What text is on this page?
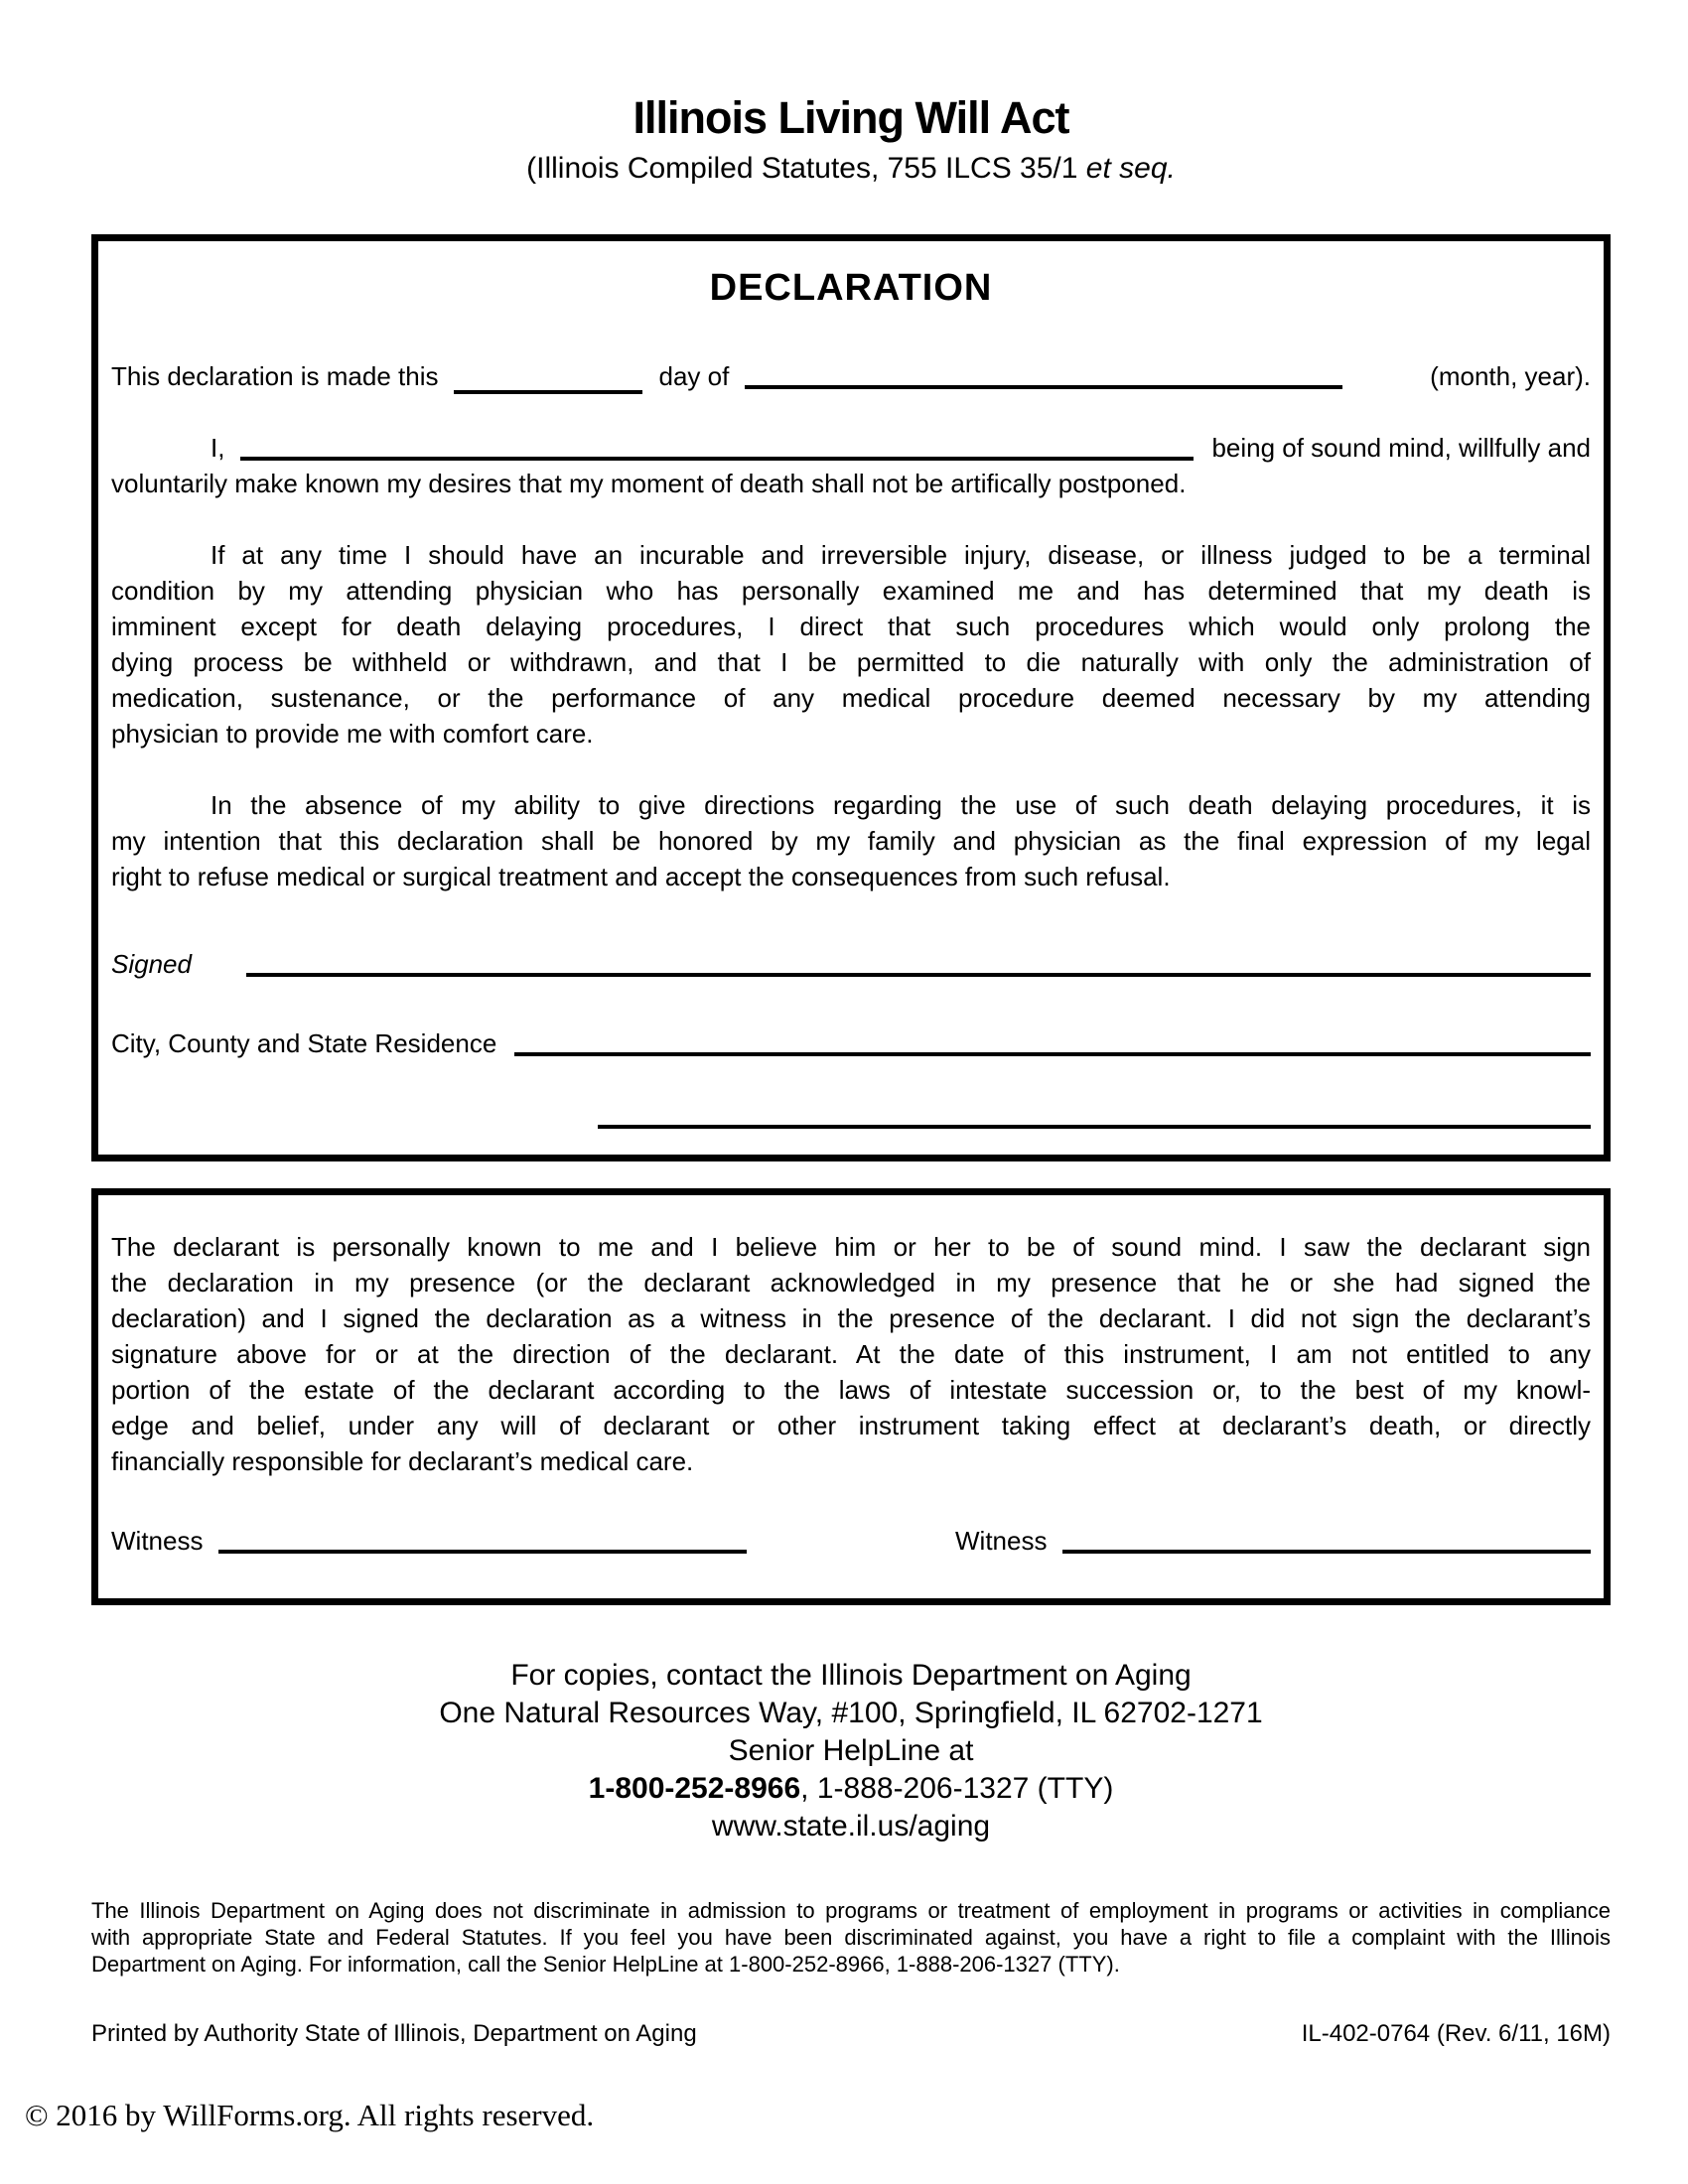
Illinois Living Will Act
(Illinois Compiled Statutes, 755 ILCS 35/1 et seq.
DECLARATION
This declaration is made this	day of	(month, year).
I,	being of sound mind, willfully and
voluntarily make known my desires that my moment of death shall not be artifically postponed.
If at any time I should have an incurable and irreversible injury, disease, or illness judged to be a terminal
condition by my attending physician who has personally examined me and has determined that my death is
imminent except for death delaying procedures, I direct that such procedures which would only prolong the
dying process be withheld or withdrawn, and that I be permitted to die naturally with only the administration of
medication, sustenance, or the performance of any medical procedure deemed necessary by my attending
physician to provide me with comfort care.
In the absence of my ability to give directions regarding the use of such death delaying procedures, it is
my intention that this declaration shall be honored by my family and physician as the final expression of my legal
right to refuse medical or surgical treatment and accept the consequences from such refusal.
Signed
City, County and State Residence
The declarant is personally known to me and I believe him or her to be of sound mind. I saw the declarant sign
the declaration in my presence (or the declarant acknowledged in my presence that he or she had signed the
declaration) and I signed the declaration as a witness in the presence of the declarant. I did not sign the declarant’s
signature above for or at the direction of the declarant. At the date of this instrument, I am not entitled to any
portion of the estate of the declarant according to the laws of intestate succession or, to the best of my knowl-
edge and belief, under any will of declarant or other instrument taking effect at declarant’s death, or directly
financially responsible for declarant’s medical care.
Witness	Witness
For copies, contact the Illinois Department on Aging
One Natural Resources Way, #100, Springfield, IL 62702-1271
Senior HelpLine at
1-800-252-8966, 1-888-206-1327 (TTY)
www.state.il.us/aging
The Illinois Department on Aging does not discriminate in admission to programs or treatment of employment in programs or activities in compliance
with appropriate State and Federal Statutes. If you feel you have been discriminated against, you have a right to file a complaint with the Illinois
Department on Aging. For information, call the Senior HelpLine at 1-800-252-8966, 1-888-206-1327 (TTY).
Printed by Authority State of Illinois, Department on Aging	IL-402-0764 (Rev. 6/11, 16M)
© 2016 by WillForms.org. All rights reserved.
